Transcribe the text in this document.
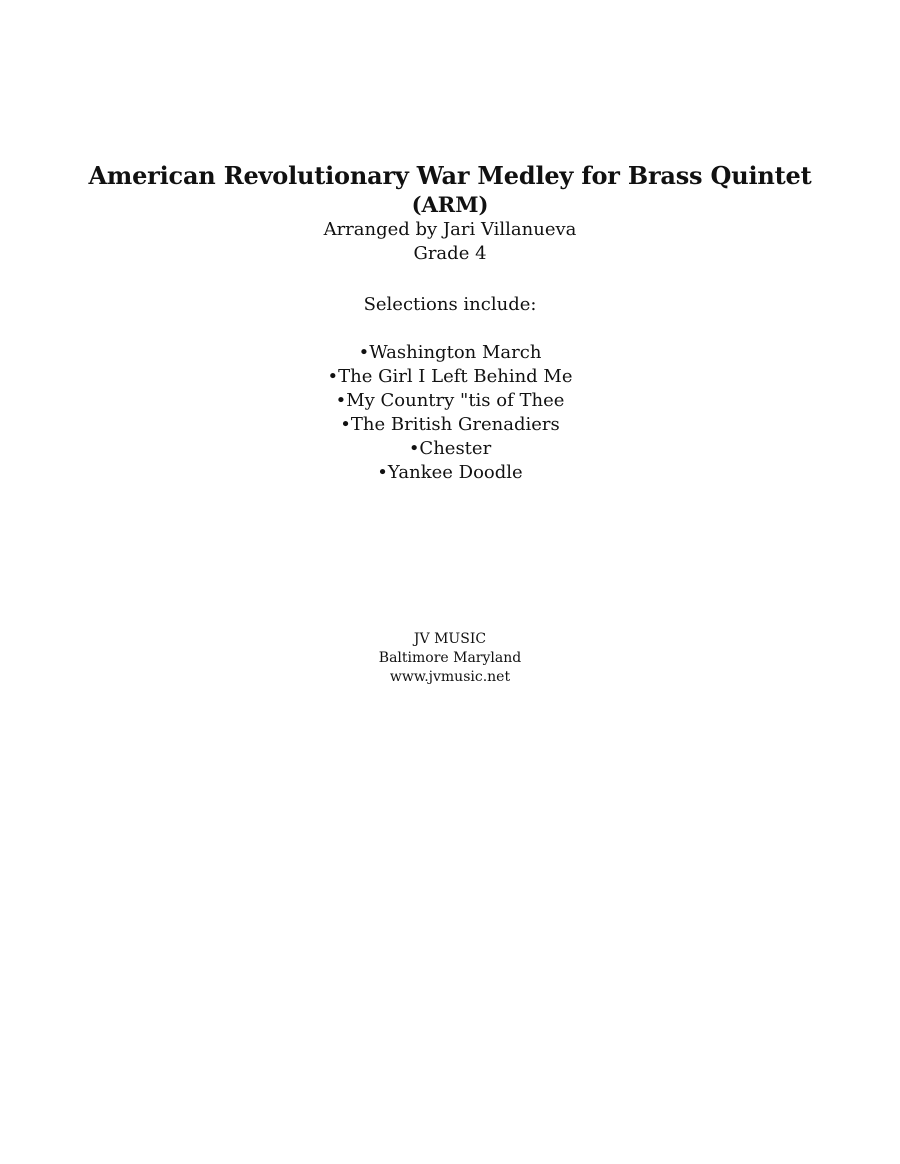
American Revolutionary War Medley for Brass Quintet

(ARM)

Arranged by Jari Villanueva

Grade 4

Selections include:
•Washington March
•The Girl I Left Behind Me
•My Country "tis of Thee
•The British Grenadiers
•Chester
•Yankee Doodle

JV MUSIC

Baltimore Maryland

www.jvmusic.net
